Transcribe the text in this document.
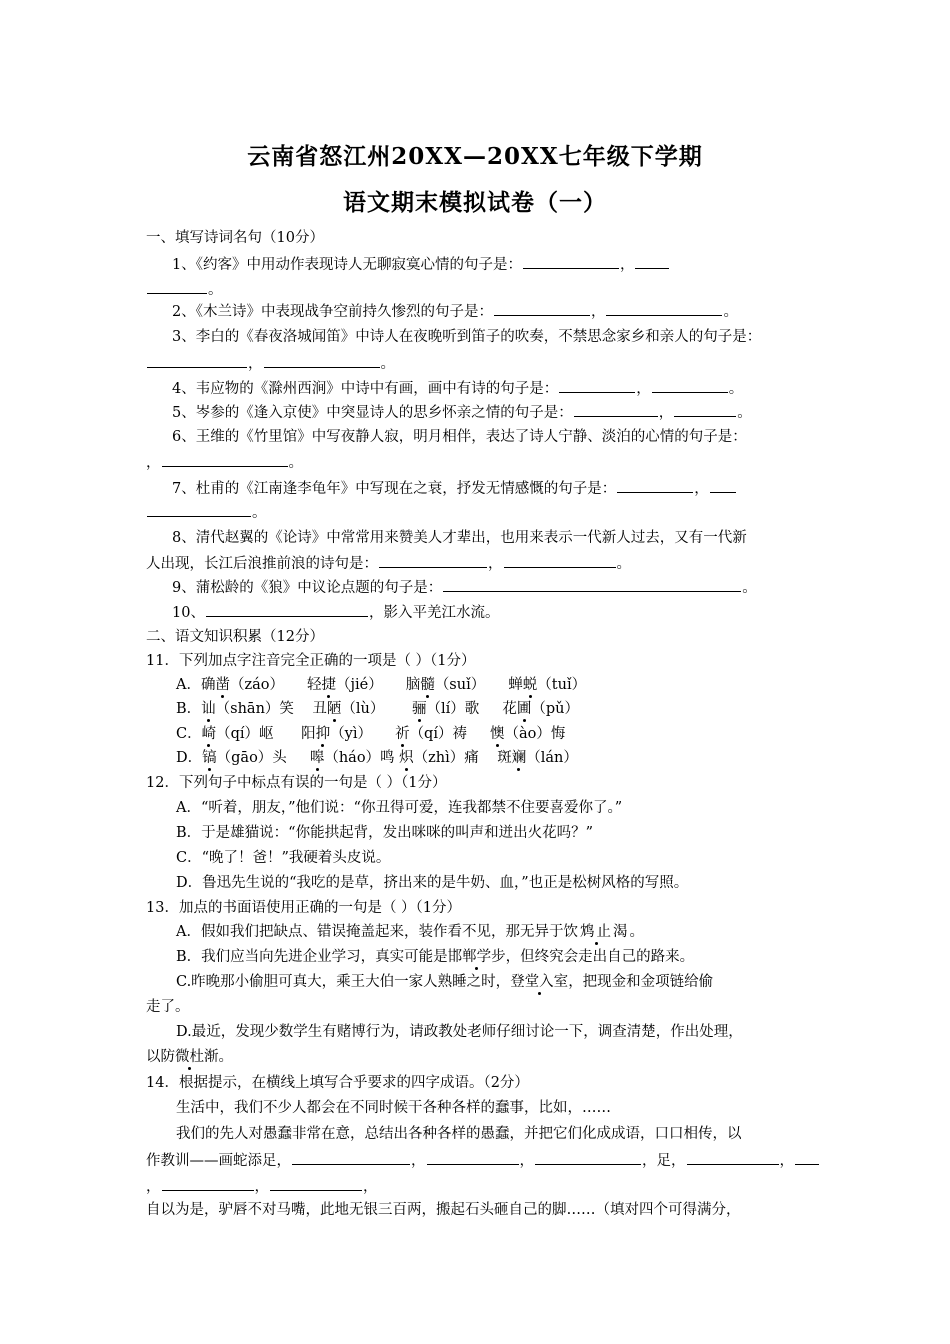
云南省怒江州20XX—20XX七年级下学期
语文期末模拟试卷（一）
一、填写诗词名句（10分）
1、《约客》中用动作表现诗人无聊寂寞心情的句子是：	，
。
2、《木兰诗》中表现战争空前持久惨烈的句子是：	，	。
3、李白的《春夜洛城闻笛》中诗人在夜晚听到笛子的吹奏，不禁思念家乡和亲人的句子是：
，	。
4、韦应物的《滁州西涧》中诗中有画，画中有诗的句子是：	，	。
5、岑参的《逢入京使》中突显诗人的思乡怀亲之情的句子是：	，	。
6、王维的《竹里馆》中写夜静人寂，明月相伴，表达了诗人宁静、淡泊的心情的句子是：
，	。
7、杜甫的《江南逢李龟年》中写现在之衰，抒发无情感慨的句子是：	，
。
8、清代赵翼的《论诗》中常常用来赞美人才辈出，也用来表示一代新人过去，又有一代新
人出现，长江后浪推前浪的诗句是：	，	。
9、蒲松龄的《狼》中议论点题的句子是：	。
10、	，影入平羌江水流。
二、语文知识积累（12分）
11．下列加点字注音完全正确的一项是（ ）（1分）
A．确凿（záo）     轻捷（jié）     脑髓（suǐ）     蝉蜕（tuǐ）
B．讪（shān）笑    丑陋（lù）      骊（lí）歌     花圃（pǔ）
C．崎（qí）岖      阳抑（yì）     祈（qí）祷     懊（ào）悔
D．镐（gāo）头     嗥（háo）鸣 炽（zhì）痛    斑斓（lán）
12．下列句子中标点有误的一句是（ ）（1分）
A．“听着，朋友，”他们说：“你丑得可爱，连我都禁不住要喜爱你了。”
B．于是雄猫说：“你能拱起背，发出咪咪的叫声和迸出火花吗？”
C．“晚了！爸！”我硬着头皮说。
D．鲁迅先生说的“我吃的是草，挤出来的是牛奶、血，”也正是松树风格的写照。
13．加点的书面语使用正确的一句是（ ）（1分）
A．假如我们把缺点、错误掩盖起来，装作看不见，那无异于饮鸩止渴。
B．我们应当向先进企业学习，真实可能是邯郸学步，但终究会走出自己的路来。
C.昨晚那小偷胆可真大，乘王大伯一家人熟睡之时，登堂入室，把现金和金项链给偷
走了。
D.最近，发现少数学生有赌博行为，请政教处老师仔细讨论一下，调查清楚，作出处理，
以防微杜渐。
14．根据提示，在横线上填写合乎要求的四字成语。（2分）
生活中，我们不少人都会在不同时候干各种各样的蠢事，比如，……
我们的先人对愚蠢非常在意，总结出各种各样的愚蠢，并把它们化成成语，口口相传，以
作教训——画蛇添足，	，	，	，足，	，
，	，	，
自以为是，驴唇不对马嘴，此地无银三百两，搬起石头砸自己的脚……（填对四个可得满分，
